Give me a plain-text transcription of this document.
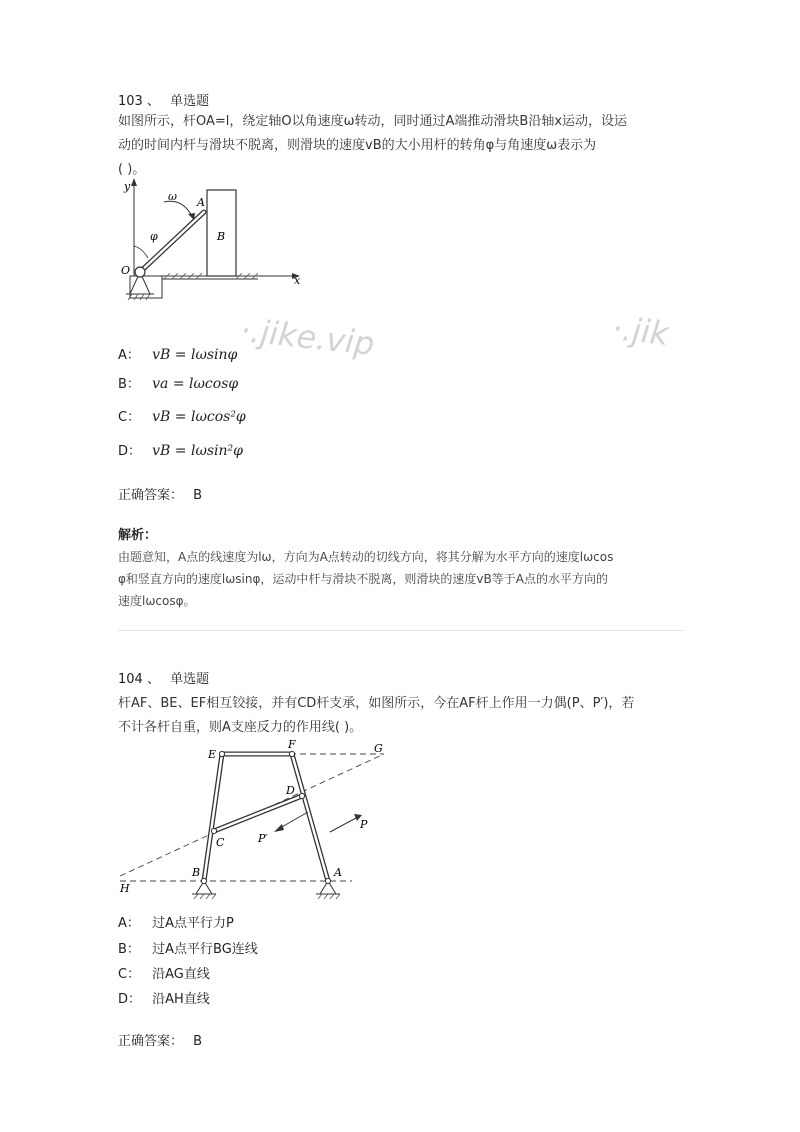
103 、 单选题
如图所示，杆OA=l，绕定轴O以角速度ω转动，同时通过A端推动滑块B沿轴x运动，设运
动的时间内杆与滑块不脱离，则滑块的速度vB的大小用杆的转角φ与角速度ω表示为
( )。
y
x
B
A
ω
φ
O
·.jike.vip	·.jik
A： vB = lωsinφ
B： va = lωcosφ
C： vB = lωcos²φ
D： vB = lωsin²φ
正确答案： B
解析：
由题意知，A点的线速度为lω，方向为A点转动的切线方向，将其分解为水平方向的速度lωcos
φ和竖直方向的速度lωsinφ，运动中杆与滑块不脱离，则滑块的速度vB等于A点的水平方向的
速度lωcosφ。
104 、 单选题
杆AF、BE、EF相互铰接，并有CD杆支承，如图所示，今在AF杆上作用一力偶(P、P′)，若
不计各杆自重，则A支座反力的作用线( )。
E
F	G
D
C	P′
P
H
B	A
A： 过A点平行力P
B： 过A点平行BG连线
C： 沿AG直线
D： 沿AH直线
正确答案： B
